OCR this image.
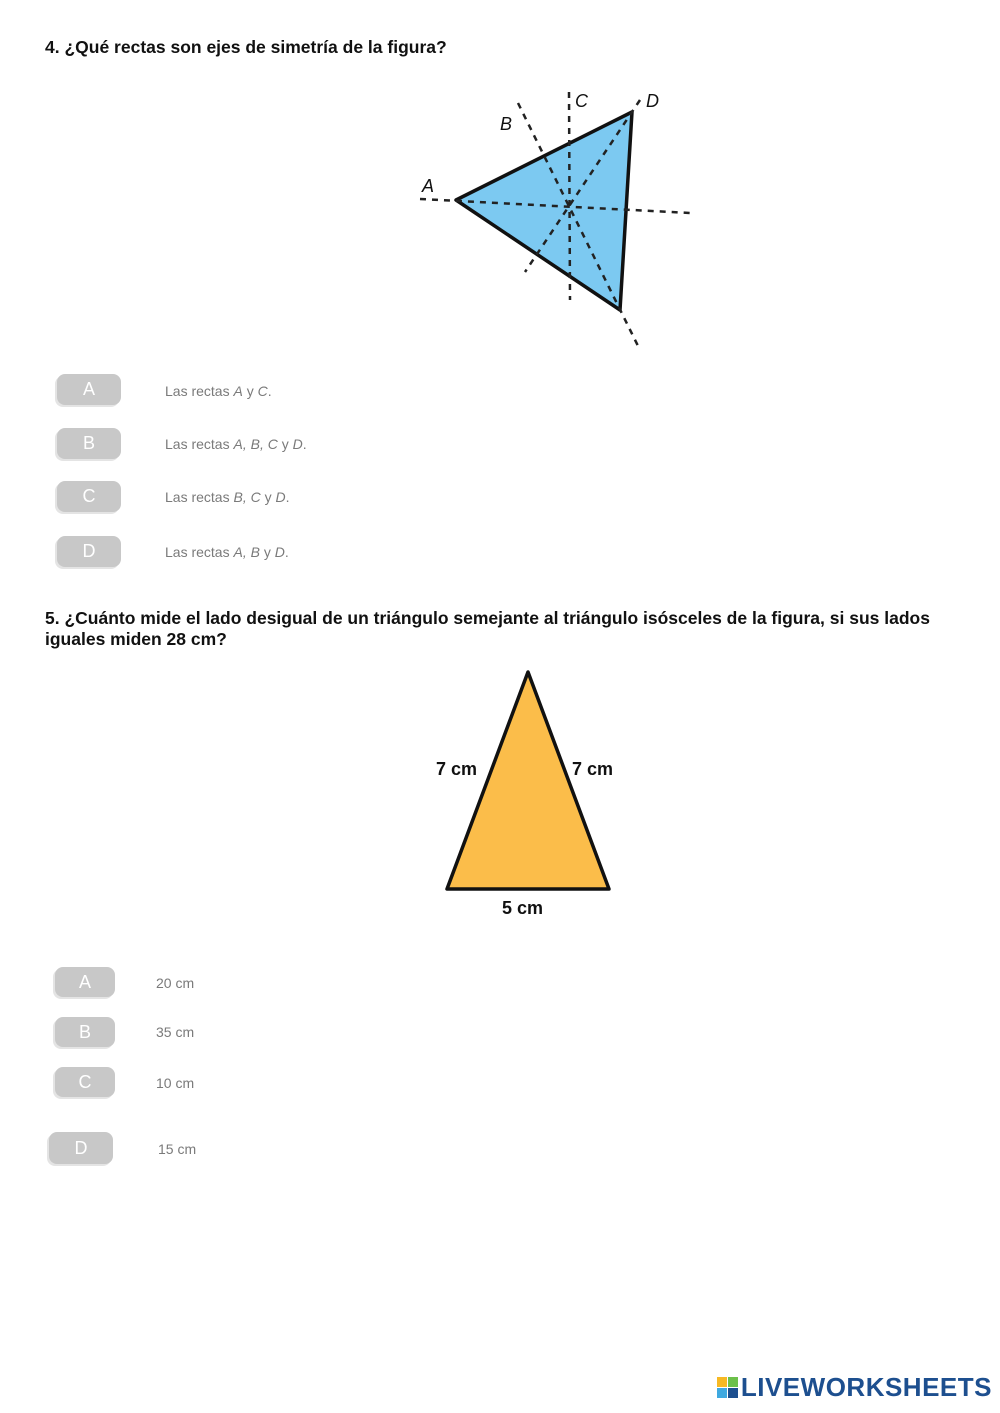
4. ¿Qué rectas son ejes de simetría de la figura?
A
B
C	D
A	Las rectas A y C.
B	Las rectas A, B, C y D.
C	Las rectas B, C y D.
D	Las rectas A, B y D.
5. ¿Cuánto mide el lado desigual de un triángulo semejante al triángulo isósceles de la figura, si sus lados
iguales miden 28 cm?
7 cm	7 cm
5 cm
A	20 cm
B	35 cm
C	10 cm
D	15 cm
LIVEWORKSHEETS
